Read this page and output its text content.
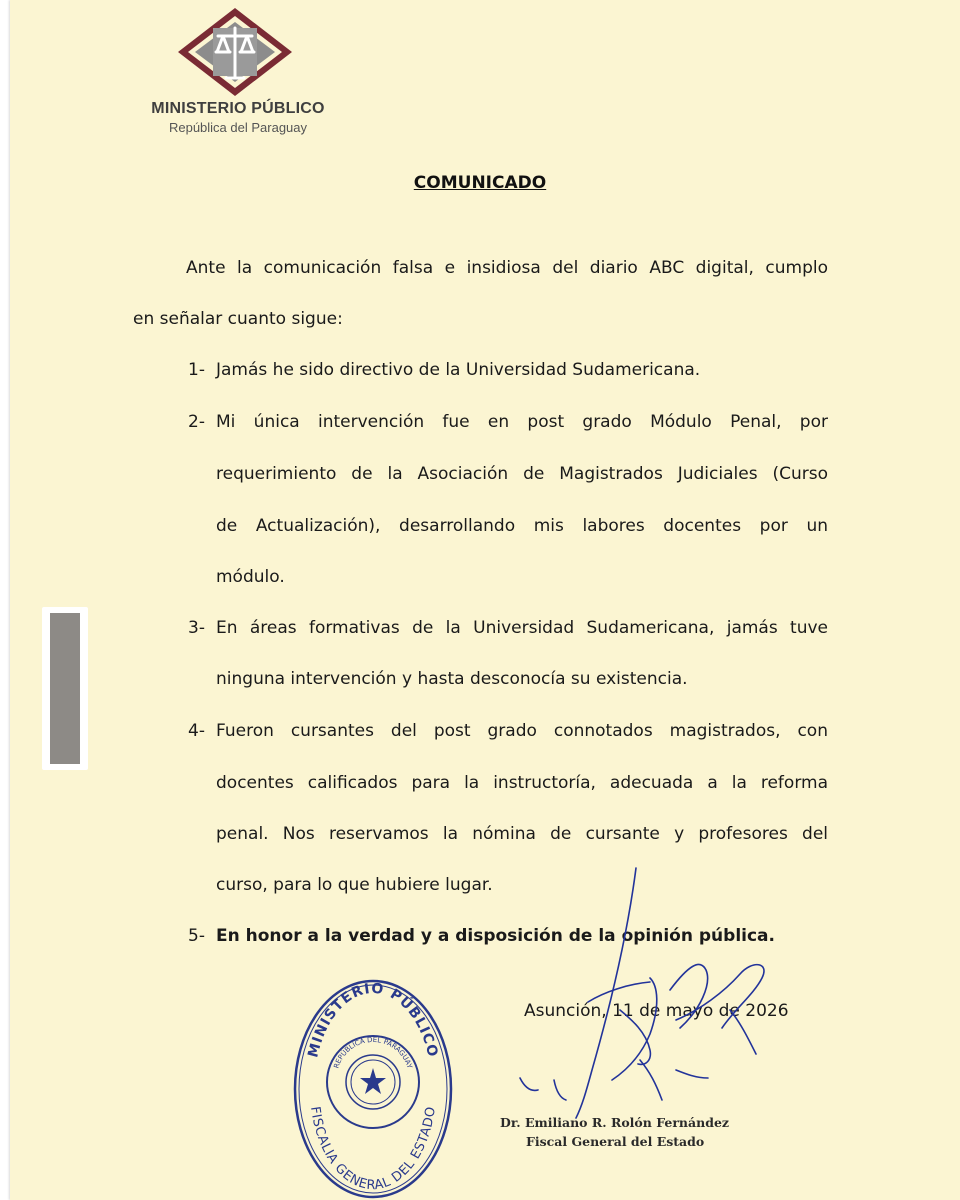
MINISTERIO PÚBLICO
República del Paraguay
COMUNICADO
Ante la comunicación falsa e insidiosa del diario ABC digital, cumplo
en señalar cuanto sigue:
1- Jamás he sido directivo de la Universidad Sudamericana.
2- Mi única intervención fue en post grado Módulo Penal, por
requerimiento de la Asociación de Magistrados Judiciales (Curso
de Actualización), desarrollando mis labores docentes por un
módulo.
3- En áreas formativas de la Universidad Sudamericana, jamás tuve
ninguna intervención y hasta desconocía su existencia.
4- Fueron cursantes del post grado connotados magistrados, con
docentes calificados para la instructoría, adecuada a la reforma
penal. Nos reservamos la nómina de cursante y profesores del
curso, para lo que hubiere lugar.
5- En honor a la verdad y a disposición de la opinión pública.
Asunción, 11 de mayo de 2026
MINISTERIO PÚBLICO
FISCALIA GENERAL DEL ESTADO
REPÚBLICA DEL PARAGUAY
Dr. Emiliano R. Rolón Fernández
Fiscal General del Estado
